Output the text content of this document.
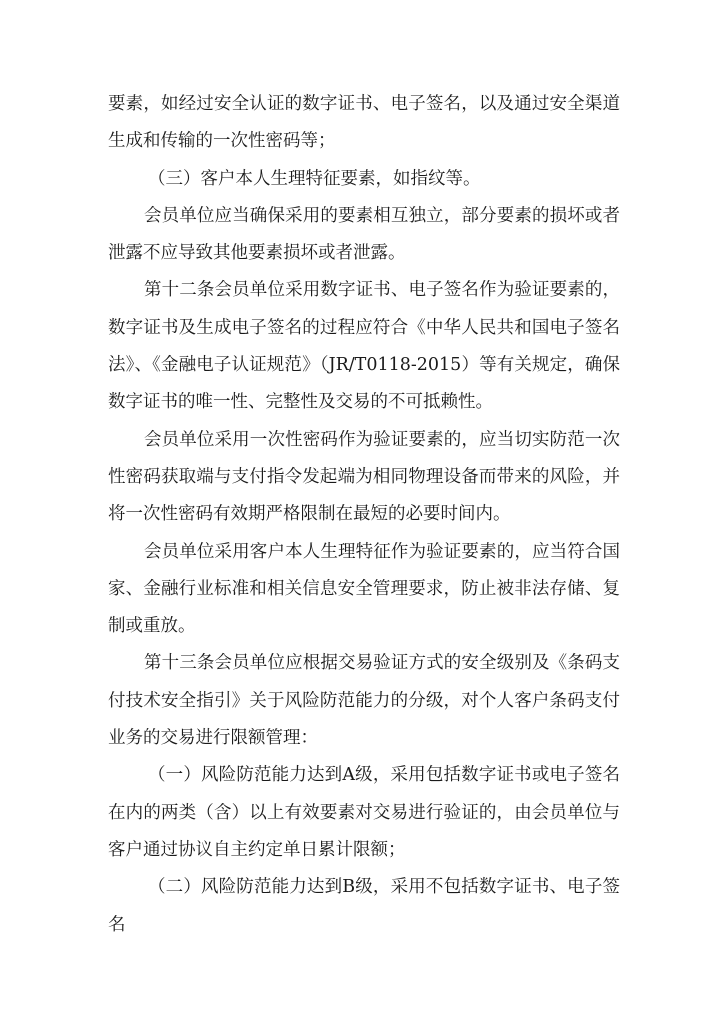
要素，如经过安全认证的数字证书、电子签名，以及通过安全渠道生成和传输的一次性密码等；

（三）客户本人生理特征要素，如指纹等。

会员单位应当确保采用的要素相互独立，部分要素的损坏或者泄露不应导致其他要素损坏或者泄露。

第十二条会员单位采用数字证书、电子签名作为验证要素的，数字证书及生成电子签名的过程应符合《中华人民共和国电子签名法》、《金融电子认证规范》（JR/T0118-2015）等有关规定，确保数字证书的唯一性、完整性及交易的不可抵赖性。

会员单位采用一次性密码作为验证要素的，应当切实防范一次性密码获取端与支付指令发起端为相同物理设备而带来的风险，并将一次性密码有效期严格限制在最短的必要时间内。

会员单位采用客户本人生理特征作为验证要素的，应当符合国家、金融行业标准和相关信息安全管理要求，防止被非法存储、复制或重放。

第十三条会员单位应根据交易验证方式的安全级别及《条码支付技术安全指引》关于风险防范能力的分级，对个人客户条码支付业务的交易进行限额管理：

（一）风险防范能力达到A级，采用包括数字证书或电子签名在内的两类（含）以上有效要素对交易进行验证的，由会员单位与客户通过协议自主约定单日累计限额；

（二）风险防范能力达到B级，采用不包括数字证书、电子签名
